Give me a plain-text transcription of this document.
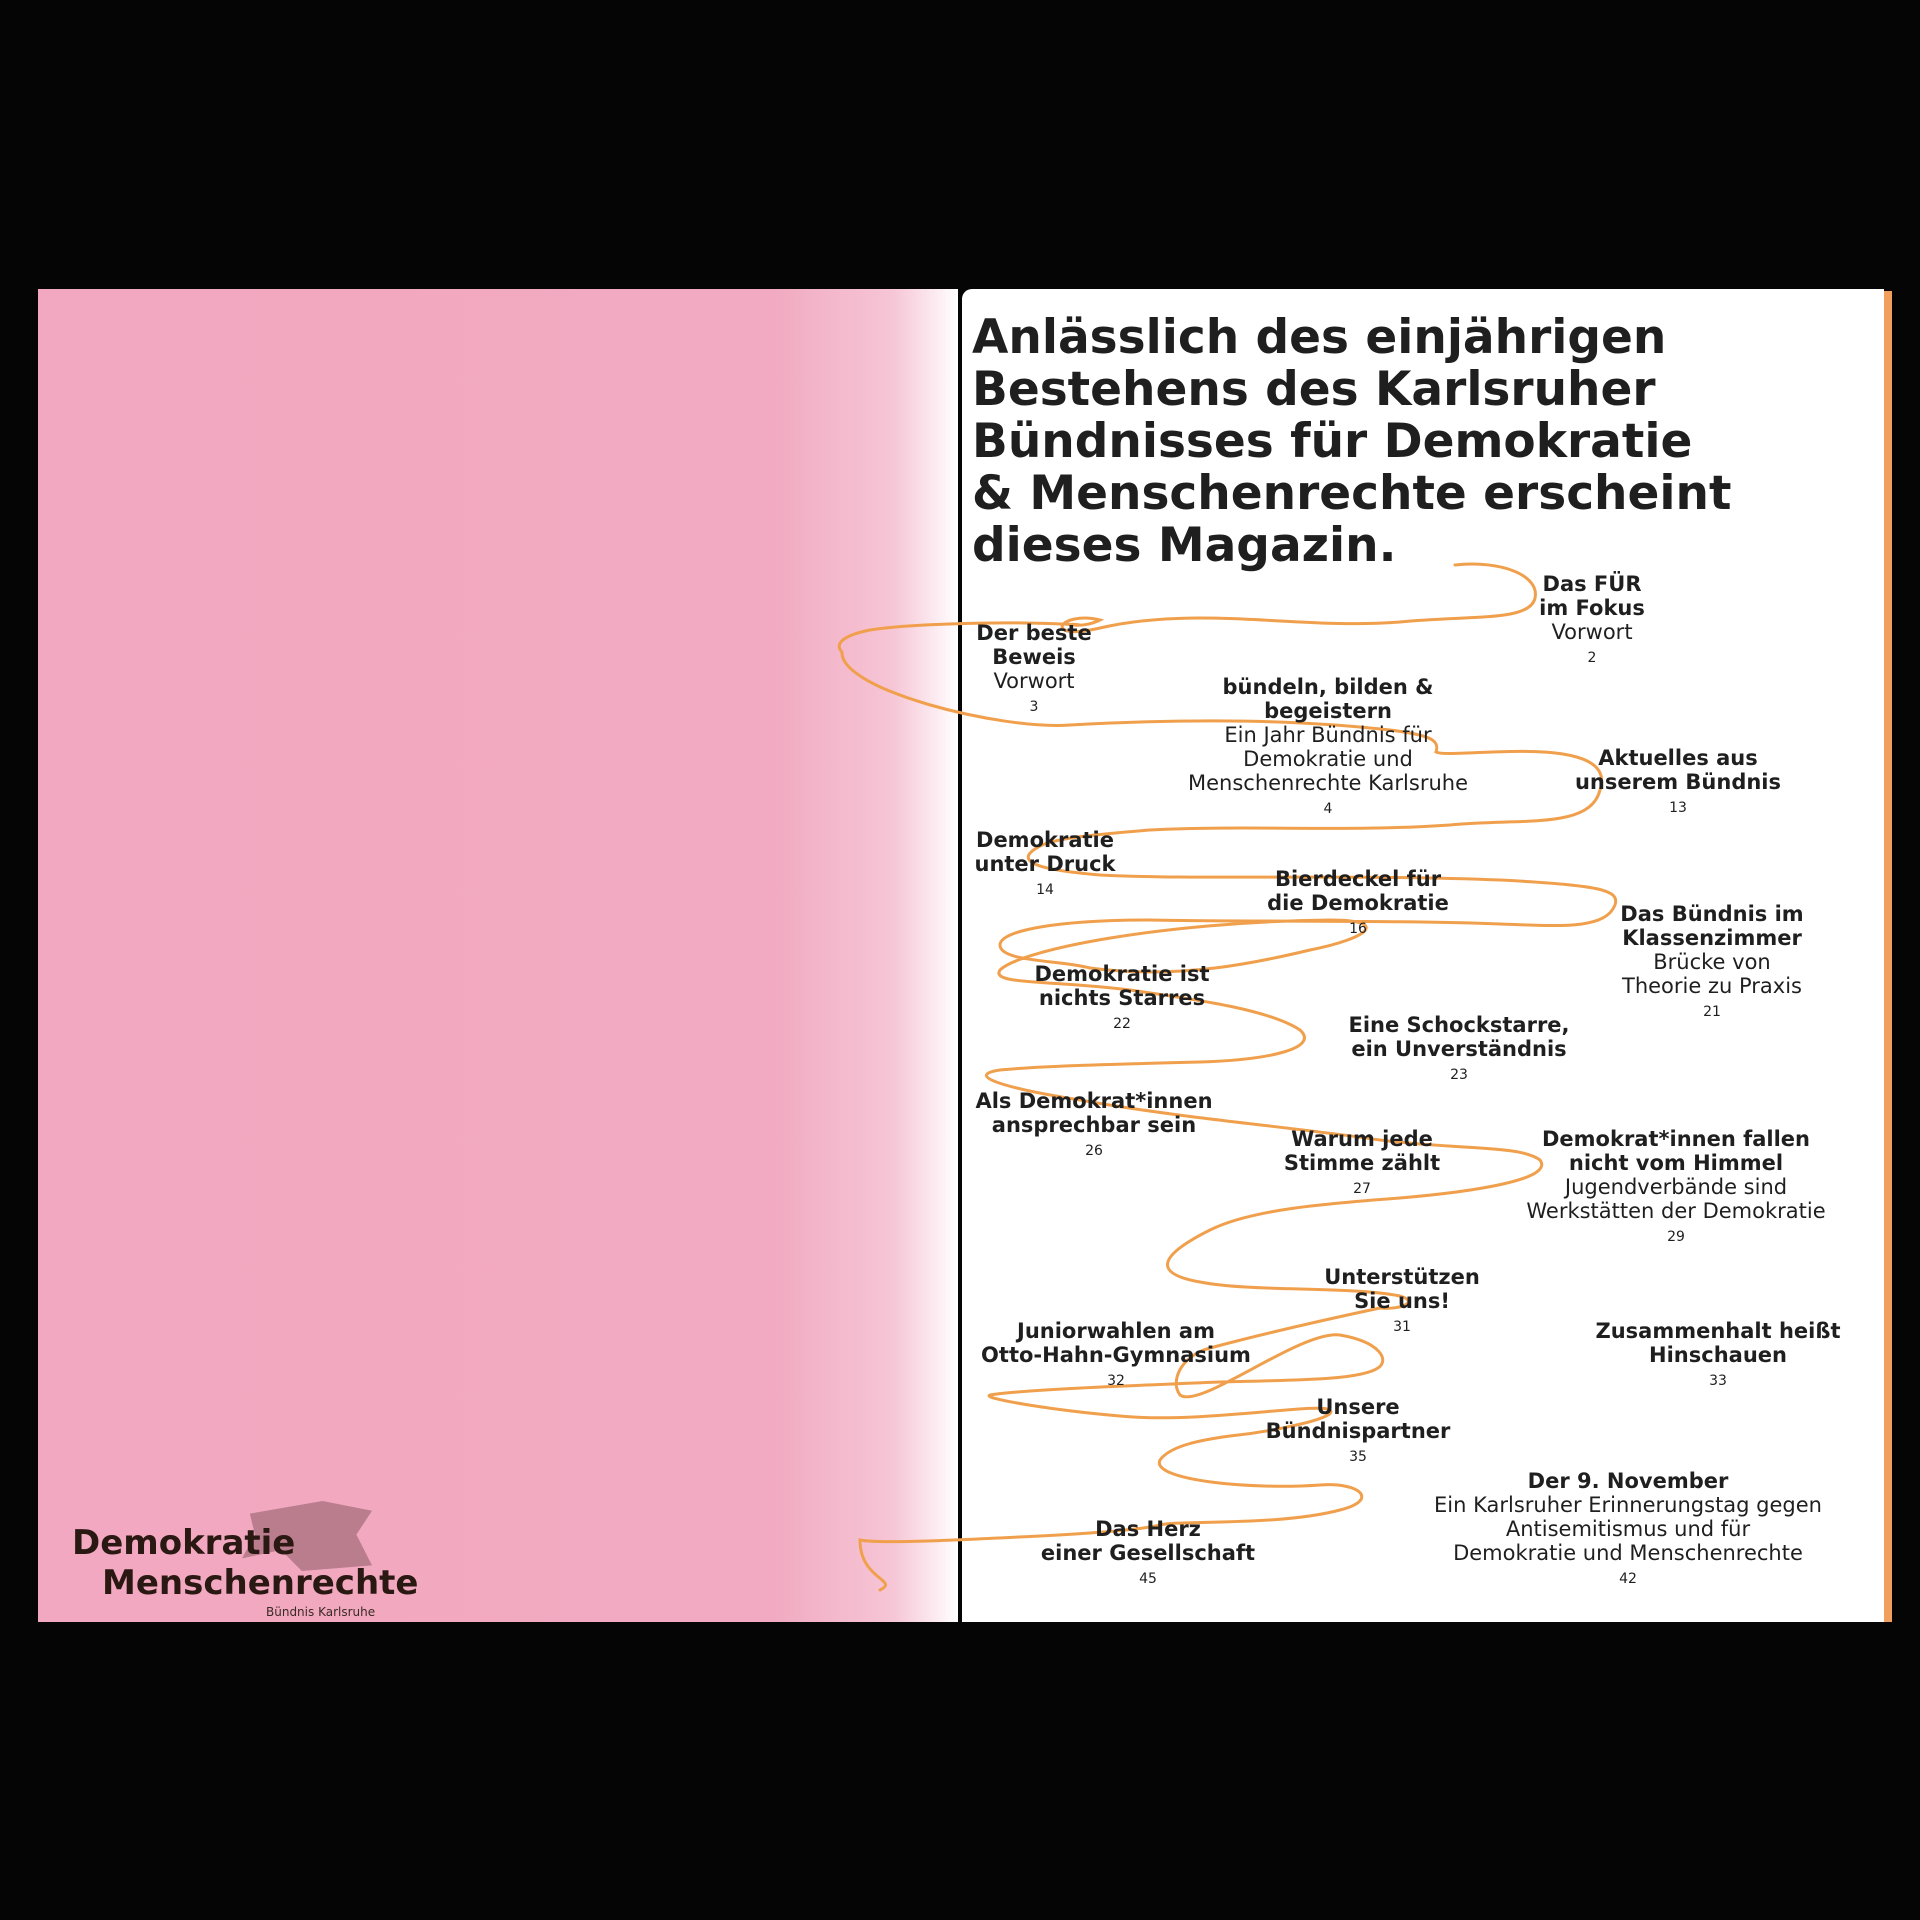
Demokratie
Menschenrechte
Bündnis Karlsruhe
Anlässlich des einjährigen
Bestehens des Karlsruher
Bündnisses für Demokratie
& Menschenrechte erscheint
dieses Magazin.
Das FÜR
im Fokus
Vorwort
2
Der beste
Beweis
Vorwort
3
bündeln, bilden &
begeistern
Ein Jahr Bündnis für
Demokratie und
Menschenrechte Karlsruhe
4
Aktuelles aus
unserem Bündnis
13
Demokratie
unter Druck
14	Bierdeckel für
die Demokratie
16
Das Bündnis im
Klassenzimmer
Brücke von
Theorie zu Praxis
21
Demokratie ist
nichts Starres
22	Eine Schockstarre,
ein Unverständnis
23
Als Demokrat*innen
ansprechbar sein
26	Warum jede
Stimme zählt
27
Demokrat*innen fallen
nicht vom Himmel
Jugendverbände sind
Werkstätten der Demokratie
29
Unterstützen
Sie uns!
31
Juniorwahlen am
Otto-Hahn-Gymnasium
32
Zusammenhalt heißt
Hinschauen
33
Unsere
Bündnispartner
35
Der 9. November
Ein Karlsruher Erinnerungstag gegen
Antisemitismus und für
Demokratie und Menschenrechte
42
Das Herz
einer Gesellschaft
45
